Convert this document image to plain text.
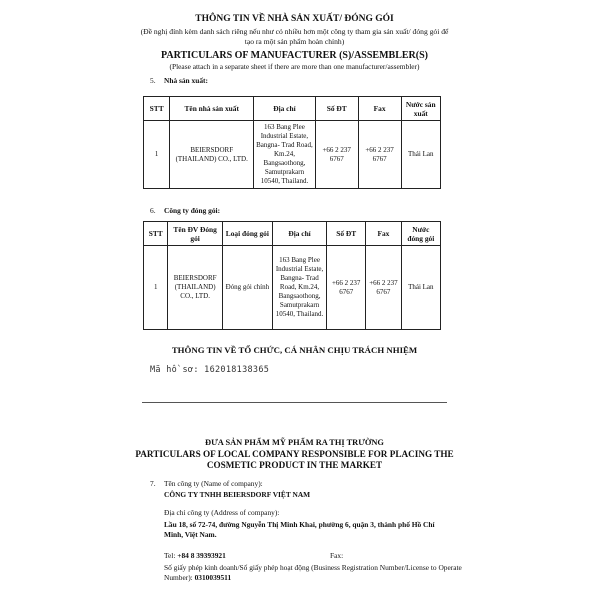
THÔNG TIN VỀ NHÀ SẢN XUẤT/ ĐÓNG GÓI
(Đề nghị đính kèm danh sách riêng nếu như có nhiều hơn một công ty tham gia sản xuất/ đóng gói để tạo ra một sản phẩm hoàn chỉnh)
PARTICULARS OF MANUFACTURER (S)/ASSEMBLER(S)
(Please attach in a separate sheet if there are more than one manufacturer/assembler)
5. Nhà sản xuất:
STT	Tên nhà sản xuất	Địa chỉ	Số ĐT	Fax	Nước sản xuất
1	BEIERSDORF (THAILAND) CO., LTD.	163 Bang Plee Industrial Estate, Bangna- Trad Road, Km.24, Bangsaothong, Samutprakarn 10540, Thailand.	+66 2 237 6767	+66 2 237 6767	Thái Lan
6. Công ty đóng gói:
STT	Tên ĐV Đóng gói	Loại đóng gói	Địa chỉ	Số ĐT	Fax	Nước đóng gói
1	BEIERSDORF (THAILAND) CO., LTD.	Đóng gói chính	163 Bang Plee Industrial Estate, Bangna- Trad Road, Km.24, Bangsaothong, Samutprakarn 10540, Thailand.	+66 2 237 6767	+66 2 237 6767	Thái Lan
THÔNG TIN VỀ TỔ CHỨC, CÁ NHÂN CHỊU TRÁCH NHIỆM
Mã hồ sơ: 162018138365
ĐƯA SẢN PHẨM MỸ PHẨM RA THỊ TRƯỜNG
PARTICULARS OF LOCAL COMPANY RESPONSIBLE FOR PLACING THE COSMETIC PRODUCT IN THE MARKET
7. Tên công ty (Name of company):
CÔNG TY TNHH BEIERSDORF VIỆT NAM
Địa chỉ công ty (Address of company):
Lầu 18, số 72-74, đường Nguyễn Thị Minh Khai, phường 6, quận 3, thành phố Hồ Chí Minh, Việt Nam.
Tel: +84 8 39393921	Fax:
Số giấy phép kinh doanh/Số giấy phép hoạt động (Business Registration Number/License to Operate Number): 0310039511
